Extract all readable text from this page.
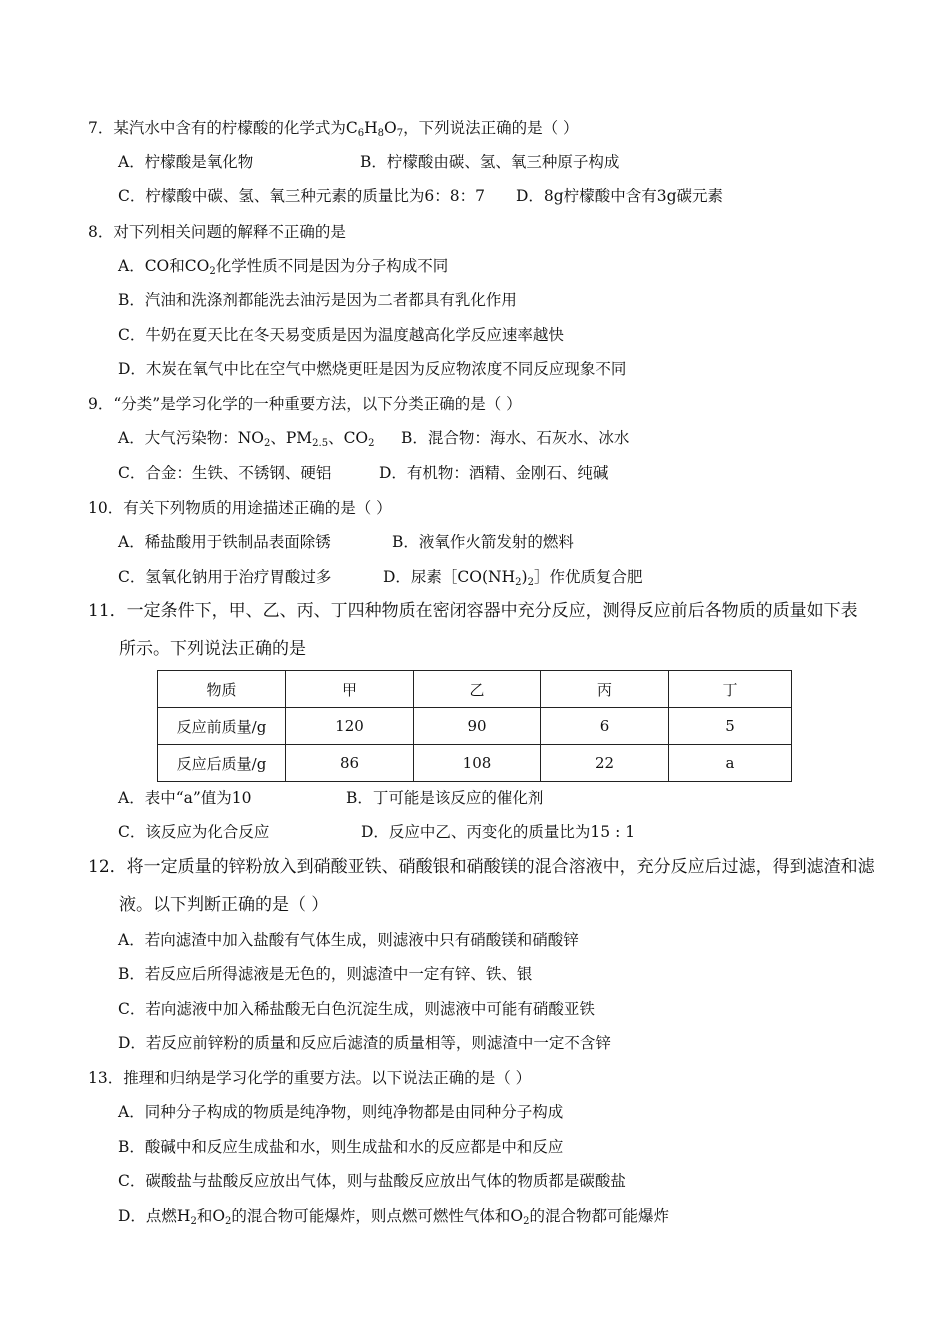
7．某汽水中含有的柠檬酸的化学式为$C_6H_8O_7$，下列说法正确的是（ ）
A．柠檬酸是氧化物	B．柠檬酸由碳、氢、氧三种原子构成
C．柠檬酸中碳、氢、氧三种元素的质量比为6：8：7 D．8g柠檬酸中含有3g碳元素
8．对下列相关问题的解释不正确的是
A．CO和$CO_2$化学性质不同是因为分子构成不同
B．汽油和洗涤剂都能洗去油污是因为二者都具有乳化作用
C．牛奶在夏天比在冬天易变质是因为温度越高化学反应速率越快
D．木炭在氧气中比在空气中燃烧更旺是因为反应物浓度不同反应现象不同
9．“分类”是学习化学的一种重要方法，以下分类正确的是（ ）
A．大气污染物：$NO_2$、$PM_{2.5}$、$CO_2$ B．混合物：海水、石灰水、冰水
C．合金：生铁、不锈钢、硬铝	D．有机物：酒精、金刚石、纯碱
10．有关下列物质的用途描述正确的是（ ）
A．稀盐酸用于铁制品表面除锈	B．液氧作火箭发射的燃料
C．氢氧化钠用于治疗胃酸过多	D．尿素$[CO(NH_2)_2]$作优质复合肥
11．一定条件下，甲、乙、丙、丁四种物质在密闭容器中充分反应，测得反应前后各物质的质量如下表
所示。下列说法正确的是
物质	甲	乙	丙	丁
反应前质量/g	120	90	6	5
反应后质量/g	86	108	22	a
A．表中“a”值为10	B．丁可能是该反应的催化剂
C．该反应为化合反应	D．反应中乙、丙变化的质量比为15 : 1
12．将一定质量的锌粉放入到硝酸亚铁、硝酸银和硝酸镁的混合溶液中，充分反应后过滤，得到滤渣和滤
液。以下判断正确的是（ ）
A．若向滤渣中加入盐酸有气体生成，则滤液中只有硝酸镁和硝酸锌
B．若反应后所得滤液是无色的，则滤渣中一定有锌、铁、银
C．若向滤液中加入稀盐酸无白色沉淀生成，则滤液中可能有硝酸亚铁
D．若反应前锌粉的质量和反应后滤渣的质量相等，则滤渣中一定不含锌
13．推理和归纳是学习化学的重要方法。以下说法正确的是（ ）
A．同种分子构成的物质是纯净物，则纯净物都是由同种分子构成
B．酸碱中和反应生成盐和水，则生成盐和水的反应都是中和反应
C．碳酸盐与盐酸反应放出气体，则与盐酸反应放出气体的物质都是碳酸盐
D．点燃$H_2$和$O_2$的混合物可能爆炸，则点燃可燃性气体和$O_2$的混合物都可能爆炸
